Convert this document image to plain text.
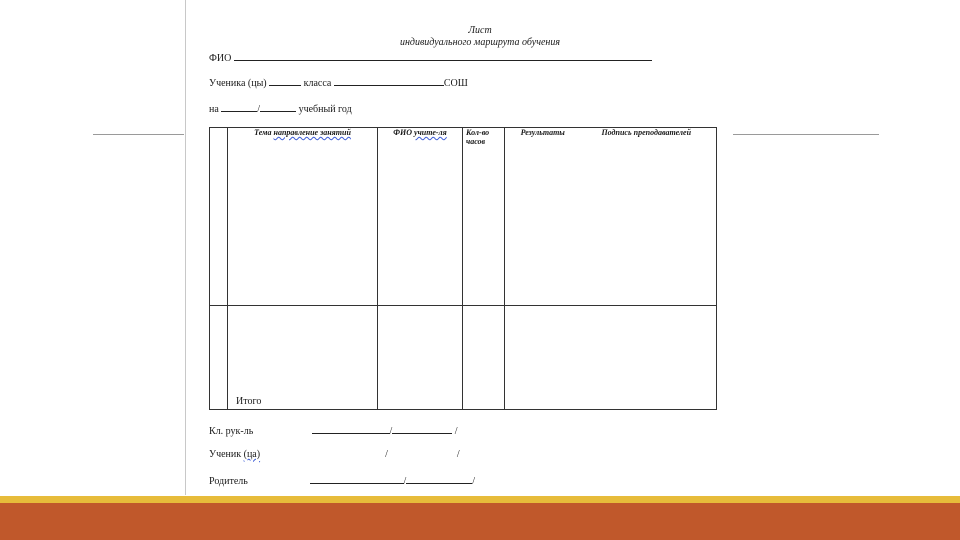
Лист
индивидуального маршрута обучения
ФИО
Ученика (цы)	класса	СОШ
на	/	учебный год
	Тема направление занятий	ФИО учите-ля	Кол-во часов	Результаты	Подпись преподавателей

	Итого				

Кл. рук-ль	/	/
Ученик (ца)	/	/
Родитель	/	/
